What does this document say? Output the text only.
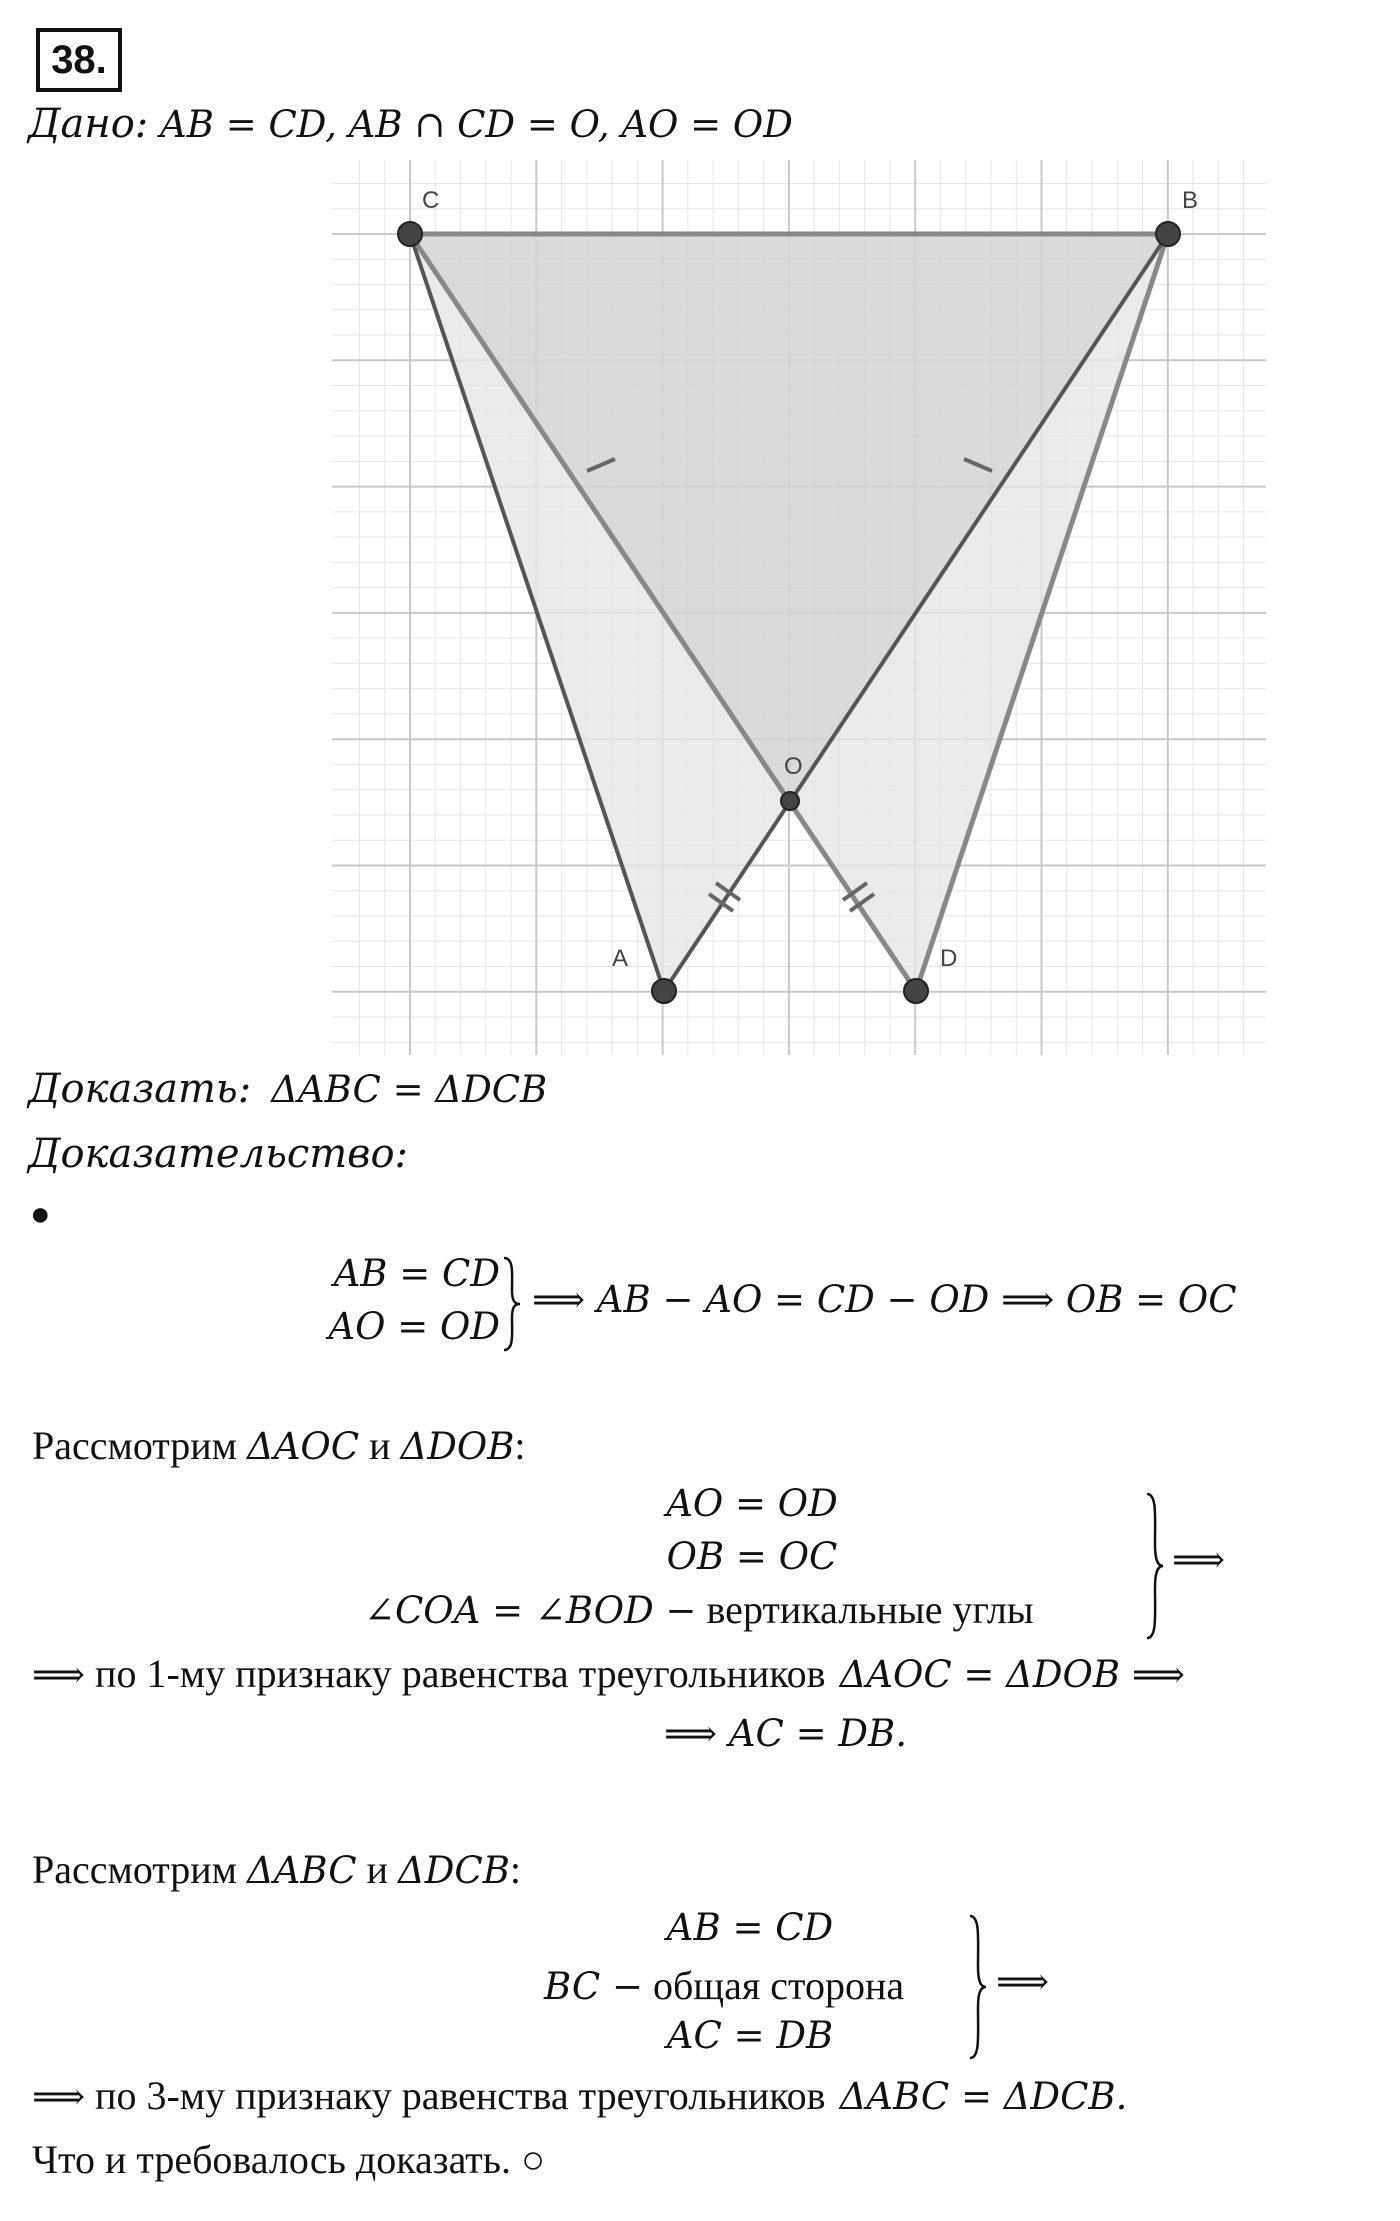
38.
Дано: AB = CD, AB ∩ CD = O, AO = OD
C	B
O
A	D
Доказать: ΔABC = ΔDCB
Доказательство:
●
AB = CD
AO = OD
⟹ AB − AO = CD − OD ⟹ OB = OC
Рассмотрим ΔAOC и ΔDOB:
AO = OD
OB = OC
∠COA = ∠BOD − вертикальные углы
⟹
⟹ по 1-му признаку равенства треугольников  ΔAOC = ΔDOB ⟹
⟹ AC = DB.
Рассмотрим ΔABC и ΔDCB:
AB = CD
BC − общая сторона
AC = DB
⟹
⟹ по 3-му признаку равенства треугольников  ΔABC = ΔDCB.
Что и требовалось доказать. ○
